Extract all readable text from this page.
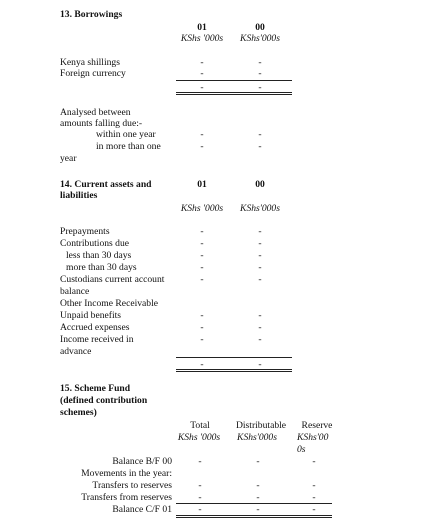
13. Borrowings
01	00
KShs '000s	KShs'000s
Kenya shillings	-	-
Foreign currency	-	-
-	-
Analysed between
amounts falling due:-
within one year	-	-
in more than one	-	-
year
14. Current assets and
liabilities
01	00
KShs '000s	KShs'000s
Prepayments	-	-
Contributions due	-	-
less than 30 days	-	-
more than 30 days	-	-
Custodians current account	-	-
balance
Other Income Receivable
Unpaid benefits	-	-
Accrued expenses	-	-
Income received in	-	-
advance
-	-
15. Scheme Fund
(defined contribution
schemes)
Total	Distributable	Reserve
KShs '000s	KShs'000s	KShs'00
0s
Balance B/F 00	-	-	-
Movements in the year:
Transfers to reserves	-	-	-
Transfers from reserves	-	-	-
Balance C/F 01	-	-	-
